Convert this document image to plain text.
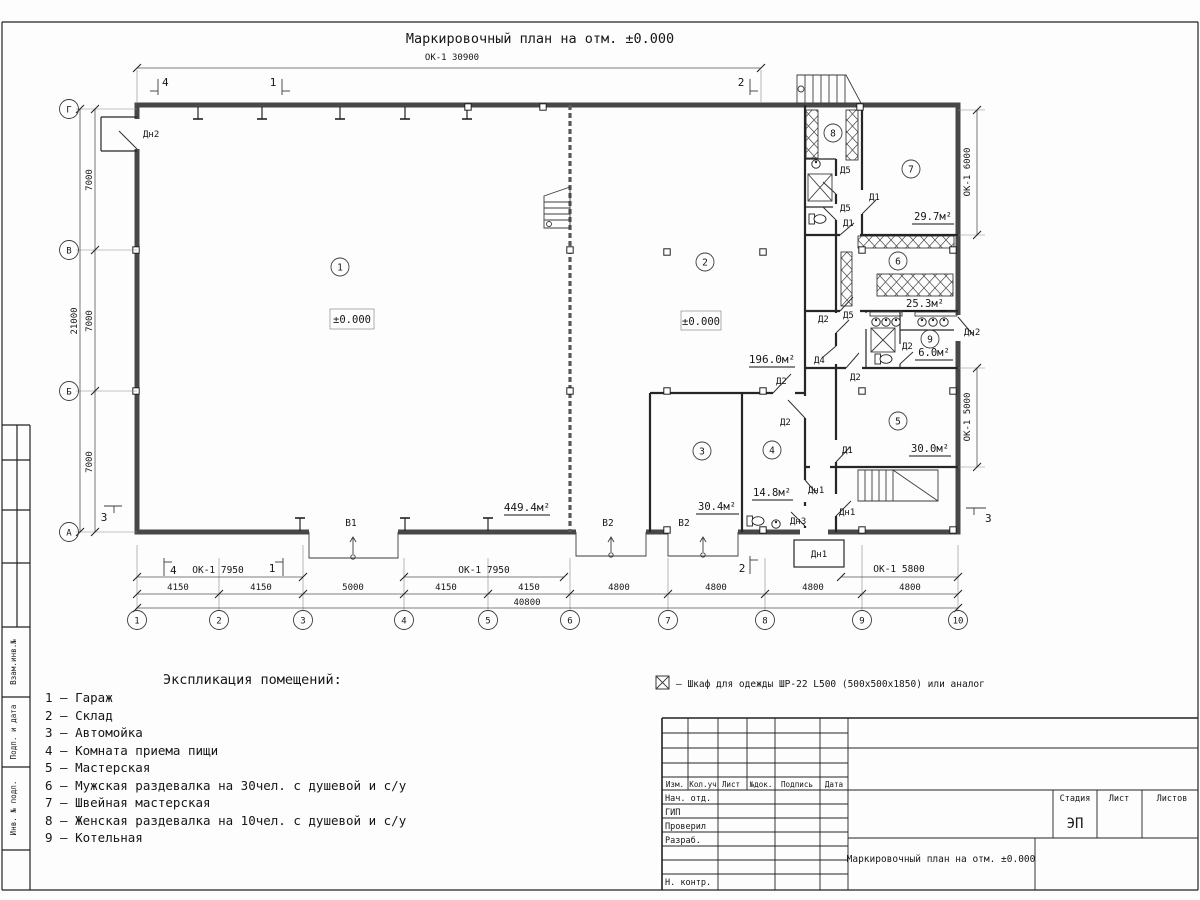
Взам.инв.№
Подп. и дата
Инв. № подл.
Маркировочный план на отм. ±0.000
ОК-1 30900
4	1	2
1	2
3	4
5
6
7
8
9
449.4м²
196.0м²
30.4м²
14.8м²
30.0м²
25.3м²
29.7м²
6.0м²
±0.000	±0.000
Дн2
Д5
Д5
Д1
Д1
Д2 Д5
Д2
Д4
Д2
Дн2
Д1
Дн1
Дн1
Дн3
Дн1
Д2
Д2
В1	В2	В2
ОК-1 7950	ОК-1 7950	ОК-1 5800
4150	4150	5000	4150	4150	4800	4800	4800	4800
40800
1	2	3	4	5	6	7	8	9	10
7000
7000
7000
21000
Г
В
Б
А
ОК-1 6000
ОК-1 5000
4	1	2
3	3
Экспликация помещений:
1 – Гараж
2 – Склад
3 – Автомойка
4 – Комната приема пищи
5 – Мастерская
6 – Мужская раздевалка на 30чел. с душевой и с/у
7 – Швейная мастерская
8 – Женская раздевалка на 10чел. с душевой и с/у
9 – Котельная
– Шкаф для одежды ШР-22 L500 (500x500x1850) или аналог
Изм. Кол.уч Лист №док. Подпись Дата
Нач. отд.
ГИП
Проверил
Разраб.
Н. контр.
Стадия Лист	Листов
ЭП
Маркировочный план на отм. ±0.000
